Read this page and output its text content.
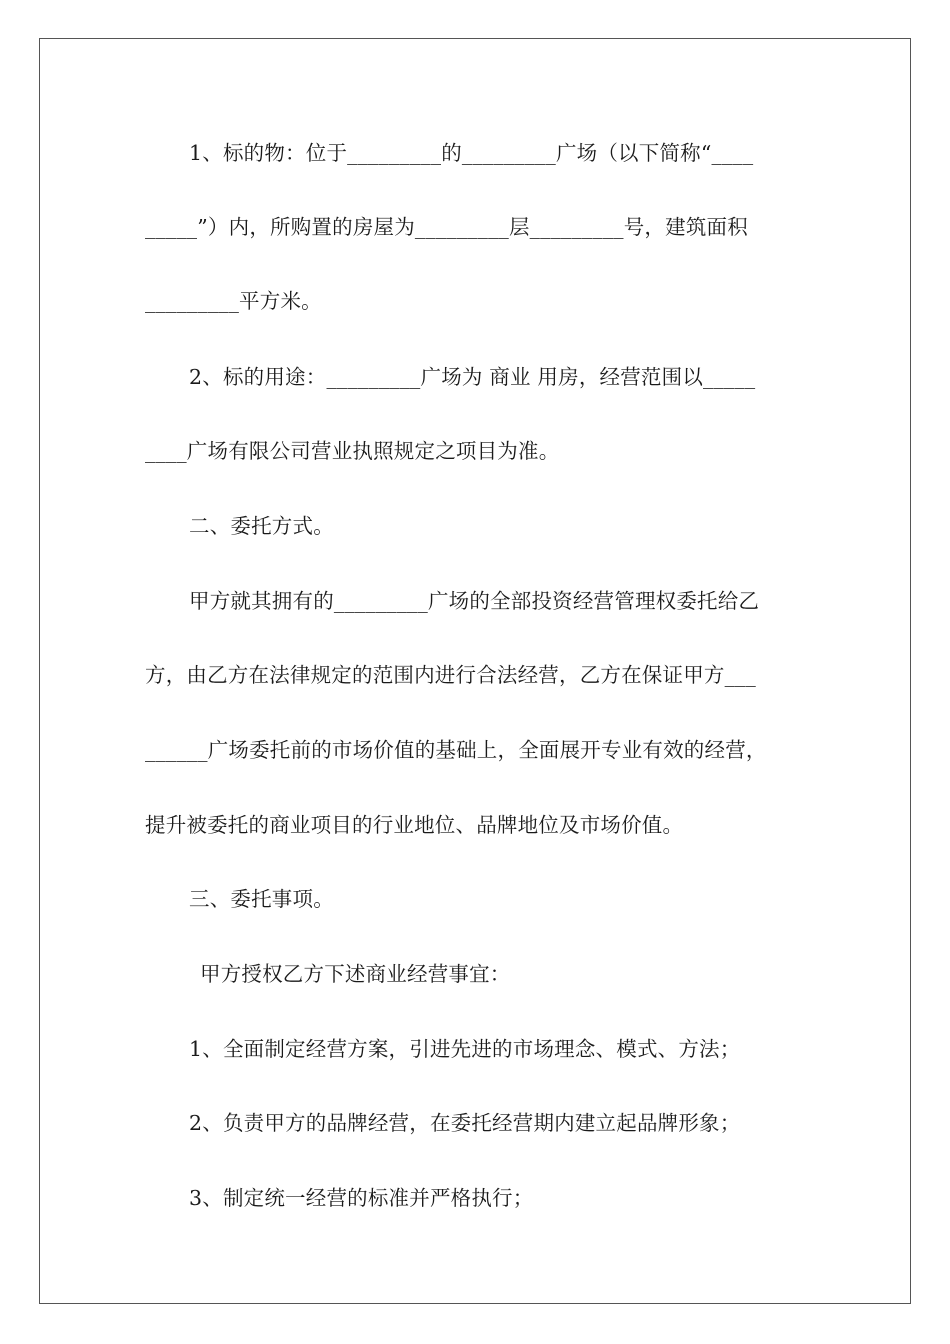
1、标的物：位于_________的_________广场（以下简称“____
_____”）内，所购置的房屋为_________层_________号，建筑面积
_________平方米。
2、标的用途：_________广场为 商业 用房，经营范围以_____
____广场有限公司营业执照规定之项目为准。
二、委托方式。
甲方就其拥有的_________广场的全部投资经营管理权委托给乙
方，由乙方在法律规定的范围内进行合法经营，乙方在保证甲方___
______广场委托前的市场价值的基础上，全面展开专业有效的经营，
提升被委托的商业项目的行业地位、品牌地位及市场价值。
三、委托事项。
甲方授权乙方下述商业经营事宜：
1、全面制定经营方案，引进先进的市场理念、模式、方法；
2、负责甲方的品牌经营，在委托经营期内建立起品牌形象；
3、制定统一经营的标准并严格执行；
